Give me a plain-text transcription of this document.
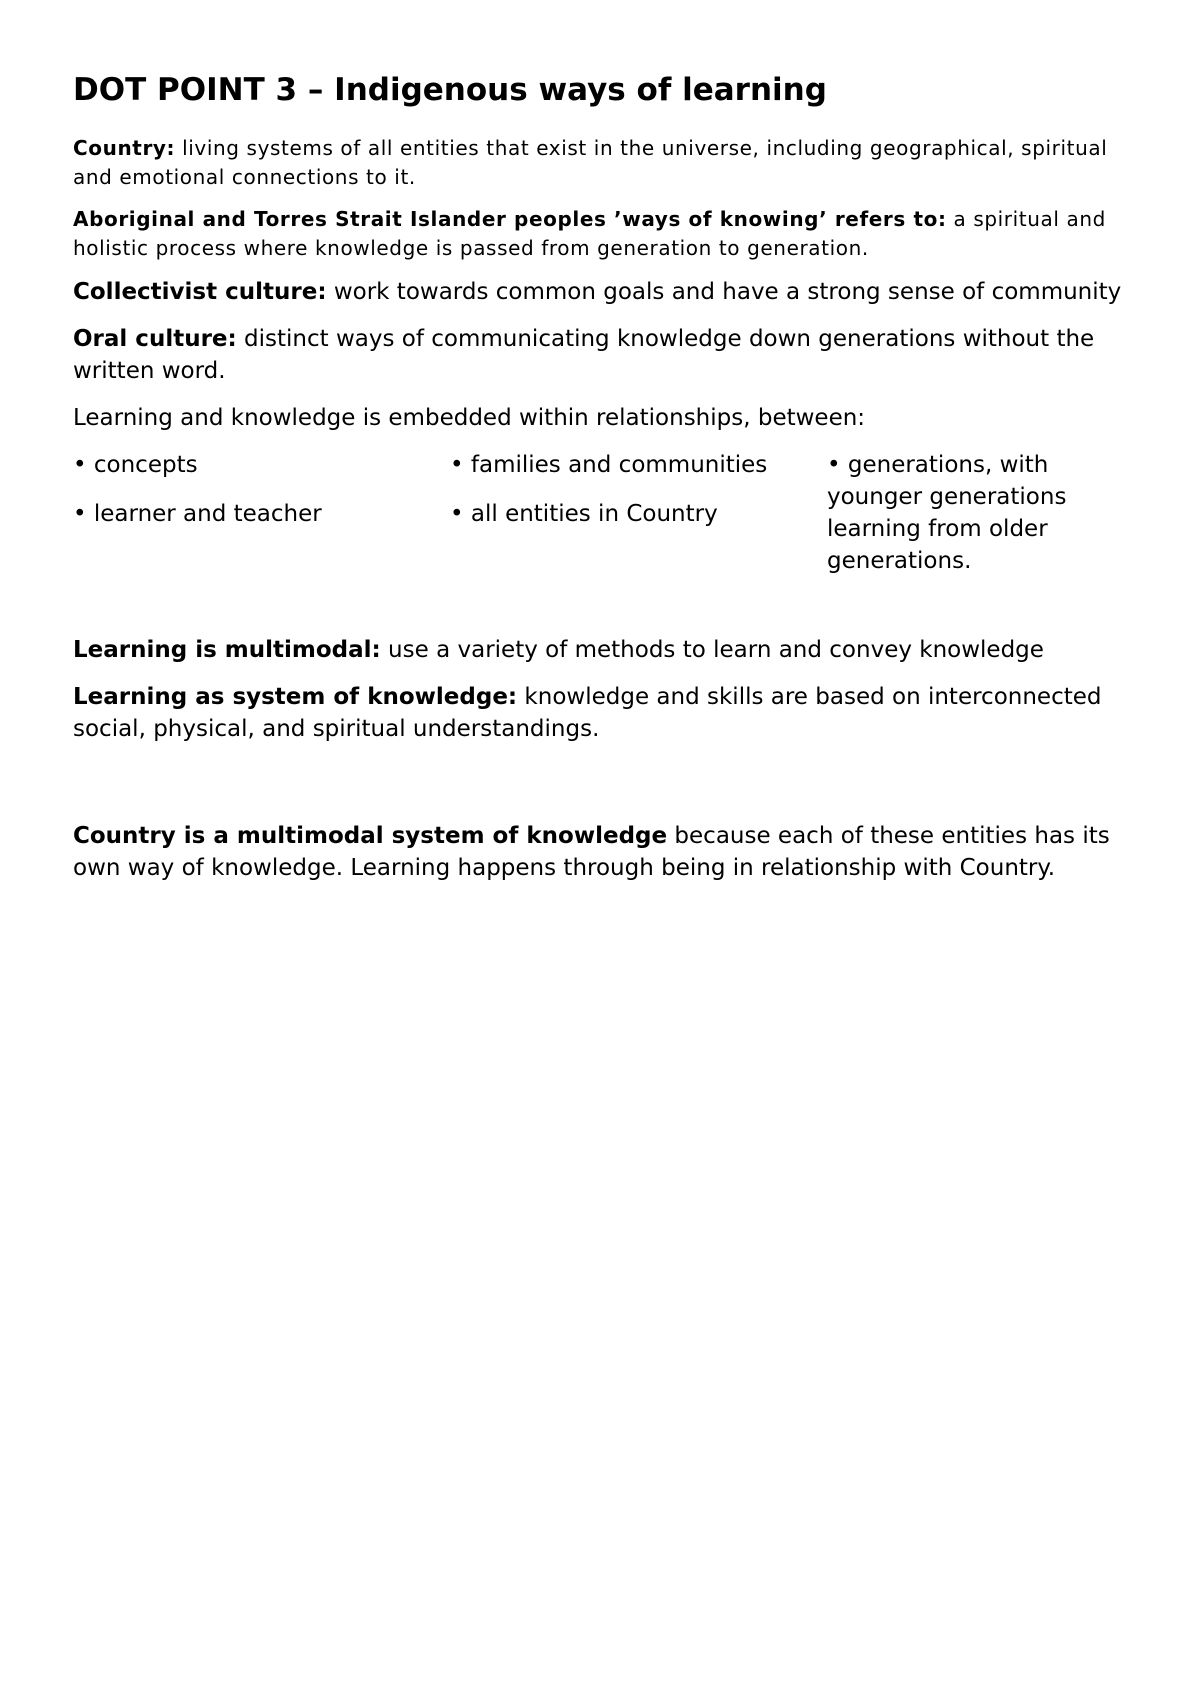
DOT POINT 3 – Indigenous ways of learning

Country: living systems of all entities that exist in the universe, including geographical, spiritual and emotional connections to it.

Aboriginal and Torres Strait Islander peoples ’ways of knowing’ refers to: a spiritual and holistic process where knowledge is passed from generation to generation.

Collectivist culture: work towards common goals and have a strong sense of community

Oral culture: distinct ways of communicating knowledge down generations without the written word.

Learning and knowledge is embedded within relationships, between:

• concepts

• learner and teacher

• families and communities

• all entities in Country

• generations, with younger generations learning from older generations.

Learning is multimodal: use a variety of methods to learn and convey knowledge

Learning as system of knowledge: knowledge and skills are based on interconnected social, physical, and spiritual understandings.

Country is a multimodal system of knowledge because each of these entities has its own way of knowledge. Learning happens through being in relationship with Country.
